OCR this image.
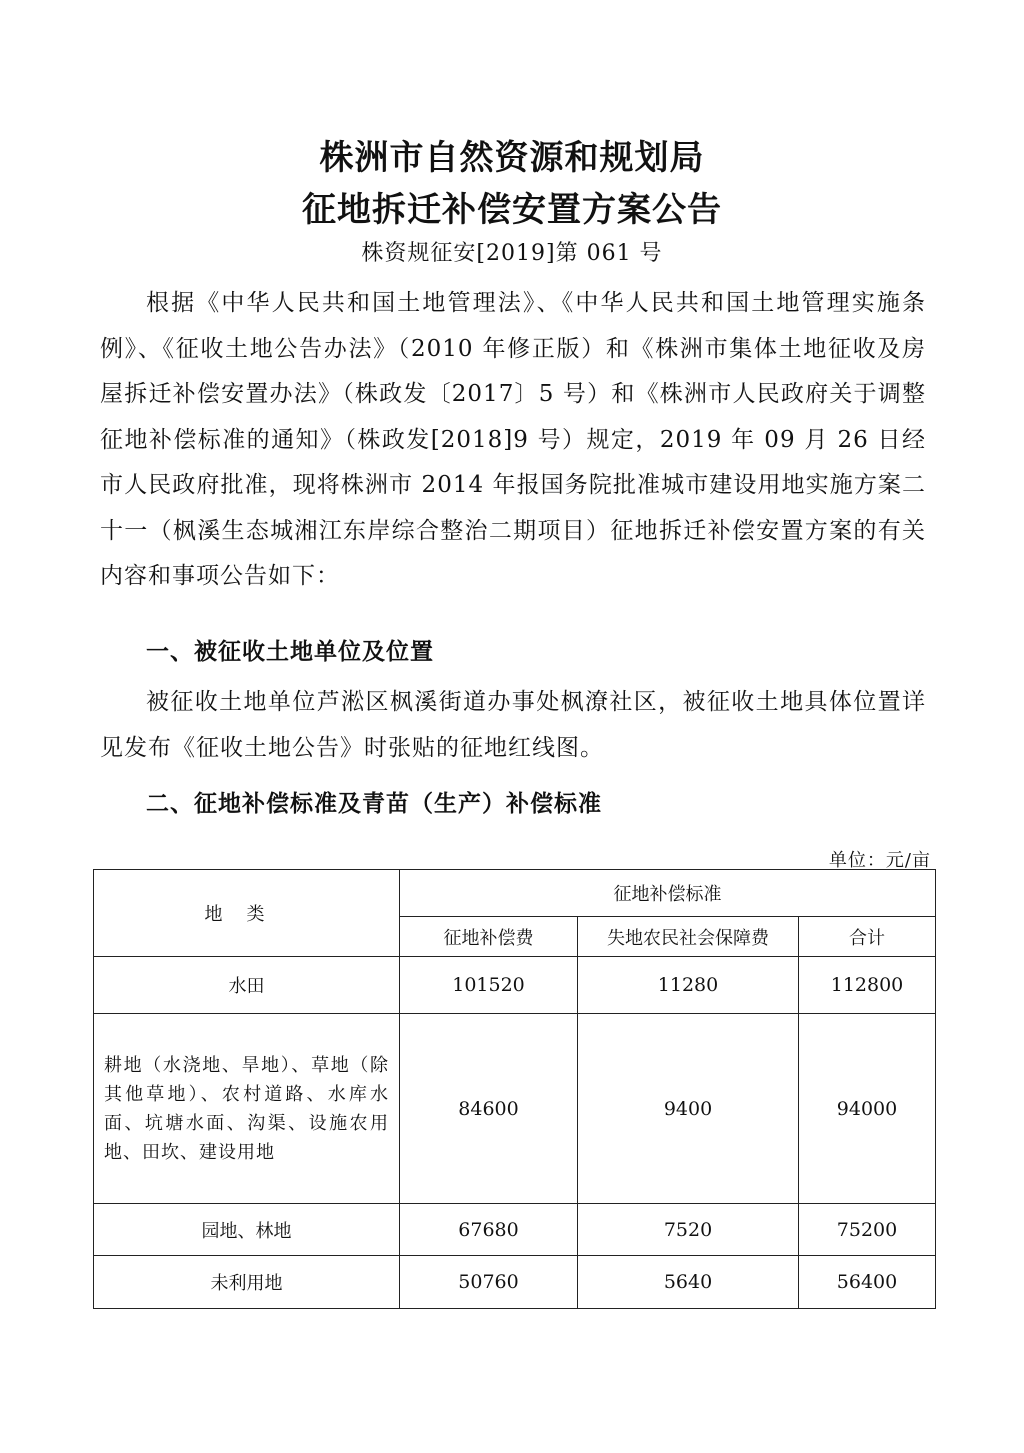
株洲市自然资源和规划局
征地拆迁补偿安置方案公告
株资规征安[2019]第 061 号

根据《中华人民共和国土地管理法》、《中华人民共和国土地管理实施条例》、《征收土地公告办法》（2010 年修正版）和《株洲市集体土地征收及房屋拆迁补偿安置办法》（株政发〔2017〕5 号）和《株洲市人民政府关于调整征地补偿标准的通知》（株政发[2018]9 号）规定，2019 年 09 月 26 日经市人民政府批准，现将株洲市 2014 年报国务院批准城市建设用地实施方案二十一（枫溪生态城湘江东岸综合整治二期项目）征地拆迁补偿安置方案的有关内容和事项公告如下：

一、被征收土地单位及位置

被征收土地单位芦淞区枫溪街道办事处枫潦社区，被征收土地具体位置详见发布《征收土地公告》时张贴的征地红线图。

二、征地补偿标准及青苗（生产）补偿标准
单位：元/亩
地类	征地补偿标准		
	征地补偿费	失地农民社会保障费	合计
水田	101520	11280	112800
耕地（水浇地、旱地）、草地（除其他草地）、农村道路、水库水面、坑塘水面、沟渠、设施农用地、田坎、建设用地	84600	9400	94000
园地、林地	67680	7520	75200
未利用地	50760	5640	56400
